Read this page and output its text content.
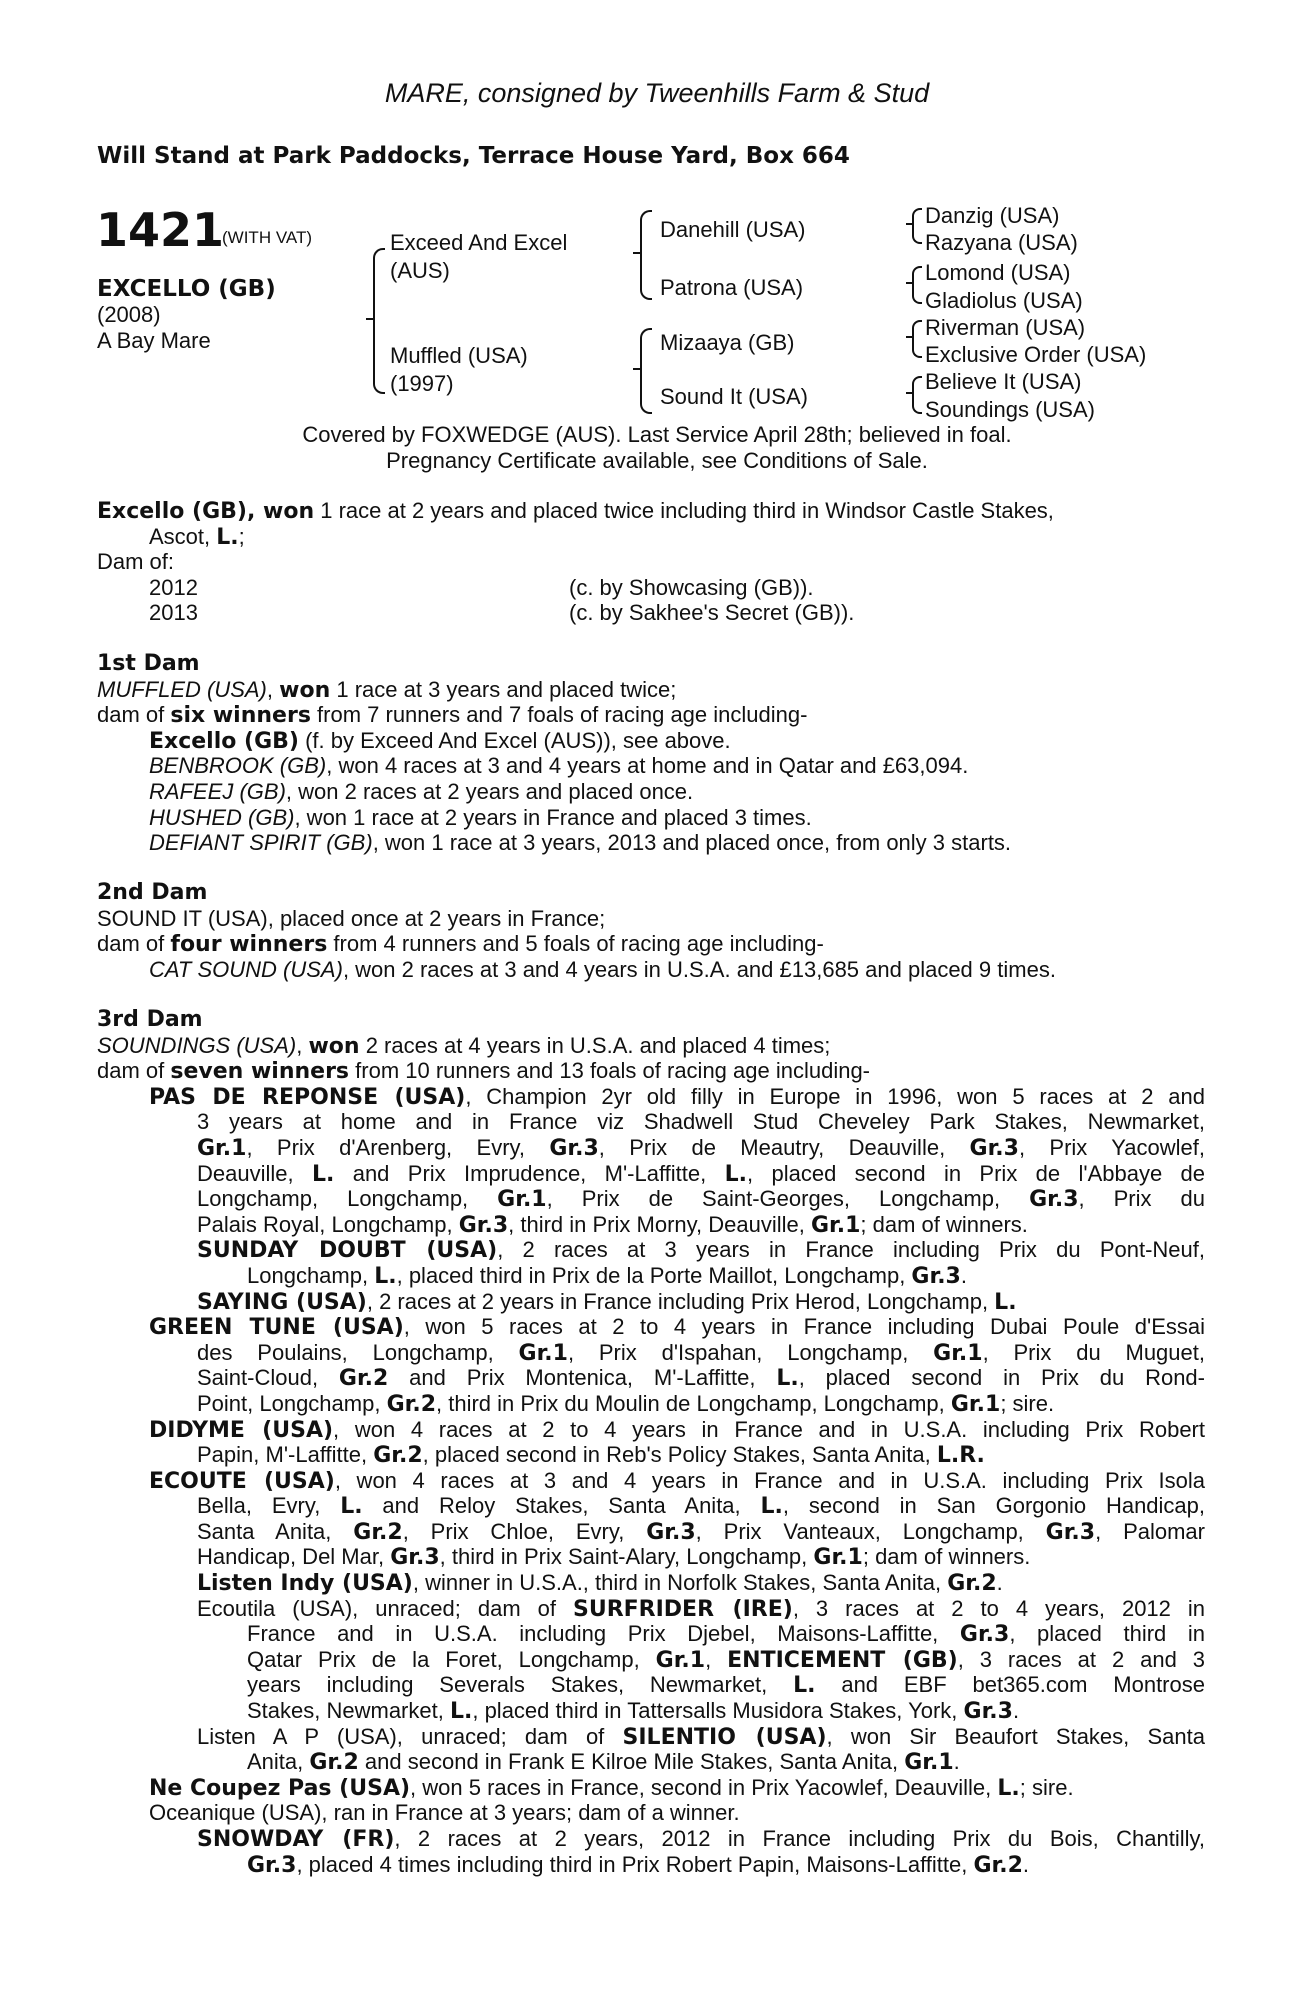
MARE, consigned by Tweenhills Farm & Stud
Will Stand at Park Paddocks, Terrace House Yard, Box 664
1421
(WITH VAT)
EXCELLO (GB)
(2008)
A Bay Mare
Exceed And Excel
(AUS)
Muffled (USA)
(1997)
Danehill (USA)
Patrona (USA)
Mizaaya (GB)
Sound It (USA)
Danzig (USA)
Razyana (USA)
Lomond (USA)
Gladiolus (USA)
Riverman (USA)
Exclusive Order (USA)
Believe It (USA)
Soundings (USA)
Covered by FOXWEDGE (AUS). Last Service April 28th; believed in foal.
Pregnancy Certificate available, see Conditions of Sale.
Excello (GB), won 1 race at 2 years and placed twice including third in Windsor Castle Stakes,
Ascot, L.;
Dam of:
2012	(c. by Showcasing (GB)).
2013	(c. by Sakhee's Secret (GB)).
1st Dam
MUFFLED (USA), won 1 race at 3 years and placed twice;
dam of six winners from 7 runners and 7 foals of racing age including-
Excello (GB) (f. by Exceed And Excel (AUS)), see above.
BENBROOK (GB), won 4 races at 3 and 4 years at home and in Qatar and £63,094.
RAFEEJ (GB), won 2 races at 2 years and placed once.
HUSHED (GB), won 1 race at 2 years in France and placed 3 times.
DEFIANT SPIRIT (GB), won 1 race at 3 years, 2013 and placed once, from only 3 starts.
2nd Dam
SOUND IT (USA), placed once at 2 years in France;
dam of four winners from 4 runners and 5 foals of racing age including-
CAT SOUND (USA), won 2 races at 3 and 4 years in U.S.A. and £13,685 and placed 9 times.
3rd Dam
SOUNDINGS (USA), won 2 races at 4 years in U.S.A. and placed 4 times;
dam of seven winners from 10 runners and 13 foals of racing age including-
PAS DE REPONSE (USA), Champion 2yr old filly in Europe in 1996, won 5 races at 2 and
3 years at home and in France viz Shadwell Stud Cheveley Park Stakes, Newmarket,
Gr.1, Prix d'Arenberg, Evry, Gr.3, Prix de Meautry, Deauville, Gr.3, Prix Yacowlef,
Deauville, L. and Prix Imprudence, M'-Laffitte, L., placed second in Prix de l'Abbaye de
Longchamp, Longchamp, Gr.1, Prix de Saint-Georges, Longchamp, Gr.3, Prix du
Palais Royal, Longchamp, Gr.3, third in Prix Morny, Deauville, Gr.1; dam of winners.
SUNDAY DOUBT (USA), 2 races at 3 years in France including Prix du Pont-Neuf,
Longchamp, L., placed third in Prix de la Porte Maillot, Longchamp, Gr.3.
SAYING (USA), 2 races at 2 years in France including Prix Herod, Longchamp, L.
GREEN TUNE (USA), won 5 races at 2 to 4 years in France including Dubai Poule d'Essai
des Poulains, Longchamp, Gr.1, Prix d'Ispahan, Longchamp, Gr.1, Prix du Muguet,
Saint-Cloud, Gr.2 and Prix Montenica, M'-Laffitte, L., placed second in Prix du Rond-
Point, Longchamp, Gr.2, third in Prix du Moulin de Longchamp, Longchamp, Gr.1; sire.
DIDYME (USA), won 4 races at 2 to 4 years in France and in U.S.A. including Prix Robert
Papin, M'-Laffitte, Gr.2, placed second in Reb's Policy Stakes, Santa Anita, L.R.
ECOUTE (USA), won 4 races at 3 and 4 years in France and in U.S.A. including Prix Isola
Bella, Evry, L. and Reloy Stakes, Santa Anita, L., second in San Gorgonio Handicap,
Santa Anita, Gr.2, Prix Chloe, Evry, Gr.3, Prix Vanteaux, Longchamp, Gr.3, Palomar
Handicap, Del Mar, Gr.3, third in Prix Saint-Alary, Longchamp, Gr.1; dam of winners.
Listen Indy (USA), winner in U.S.A., third in Norfolk Stakes, Santa Anita, Gr.2.
Ecoutila (USA), unraced; dam of SURFRIDER (IRE), 3 races at 2 to 4 years, 2012 in
France and in U.S.A. including Prix Djebel, Maisons-Laffitte, Gr.3, placed third in
Qatar Prix de la Foret, Longchamp, Gr.1, ENTICEMENT (GB), 3 races at 2 and 3
years including Severals Stakes, Newmarket, L. and EBF bet365.com Montrose
Stakes, Newmarket, L., placed third in Tattersalls Musidora Stakes, York, Gr.3.
Listen A P (USA), unraced; dam of SILENTIO (USA), won Sir Beaufort Stakes, Santa
Anita, Gr.2 and second in Frank E Kilroe Mile Stakes, Santa Anita, Gr.1.
Ne Coupez Pas (USA), won 5 races in France, second in Prix Yacowlef, Deauville, L.; sire.
Oceanique (USA), ran in France at 3 years; dam of a winner.
SNOWDAY (FR), 2 races at 2 years, 2012 in France including Prix du Bois, Chantilly,
Gr.3, placed 4 times including third in Prix Robert Papin, Maisons-Laffitte, Gr.2.
